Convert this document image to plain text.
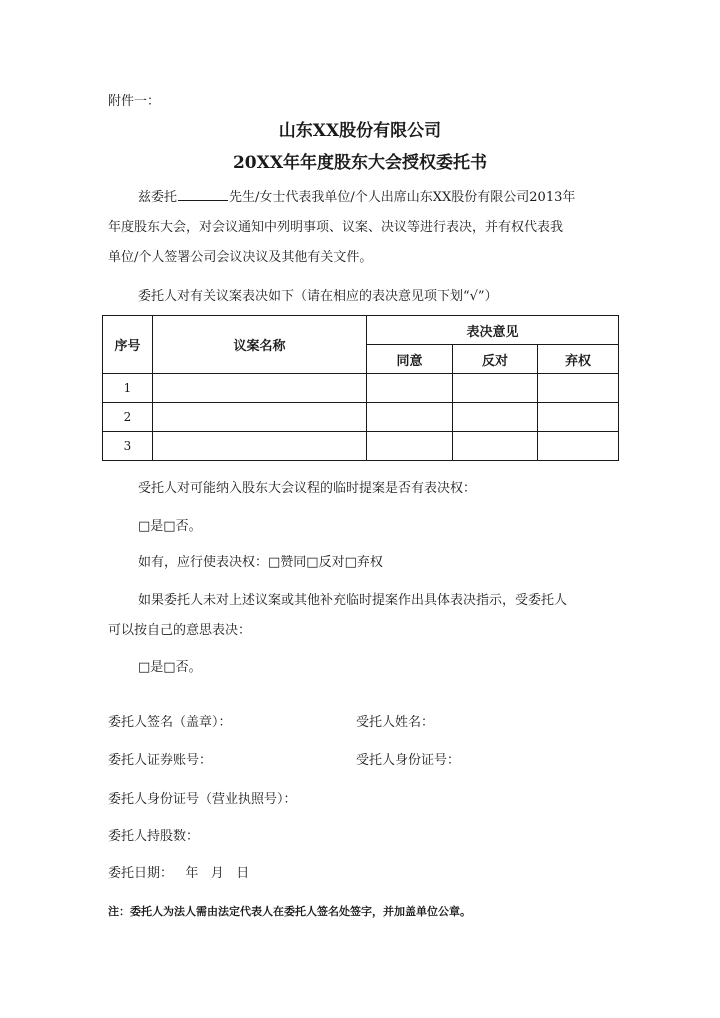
附件一：
山东XX股份有限公司
20XX年年度股东大会授权委托书
兹委托	先生/女士代表我单位/个人出席山东XX股份有限公司2013年
年度股东大会，对会议通知中列明事项、议案、决议等进行表决，并有权代表我
单位/个人签署公司会议决议及其他有关文件。
委托人对有关议案表决如下（请在相应的表决意见项下划“√”）
序号	议案名称	表决意见		
		同意	反对	弃权
1				
2				
3				
受托人对可能纳入股东大会议程的临时提案是否有表决权：
□是□否。
如有，应行使表决权：□赞同□反对□弃权
如果委托人未对上述议案或其他补充临时提案作出具体表决指示，受委托人
可以按自己的意思表决：
□是□否。
委托人签名（盖章）：	受托人姓名：
委托人证券账号：	受托人身份证号：
委托人身份证号（营业执照号）：
委托人持股数：
委托日期：   年   月   日
注：委托人为法人需由法定代表人在委托人签名处签字，并加盖单位公章。
